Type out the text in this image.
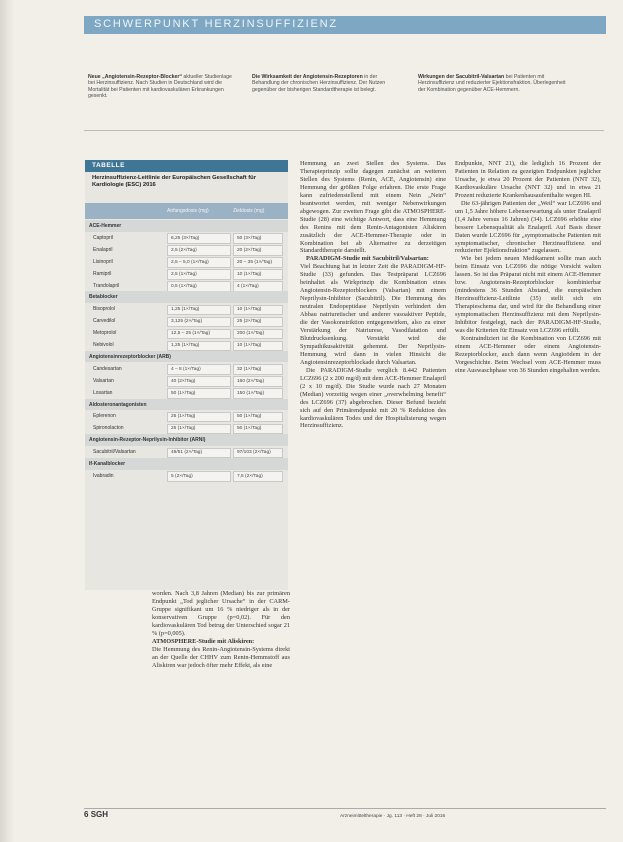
SCHWERPUNKT HERZINSUFFIZIENZ
Neue „Angiotensin-Rezeptor-Blocker“ aktueller Studienlage bei Herzinsuffizienz. Nach Studien in Deutschland wird die Mortalität bei Patienten mit kardiovaskulären Erkrankungen gesenkt.
Die Wirksamkeit der Angiotensin-Rezeptoren in der Behandlung der chronischen Herzinsuffizienz. Der Nutzen gegenüber der bisherigen Standardtherapie ist belegt.
Wirkungen der Sacubitril-Valsartan bei Patienten mit Herzinsuffizienz und reduzierter Ejektionsfraktion. Überlegenheit der Kombination gegenüber ACE-Hemmern.
TABELLE
Herzinsuffizienz-Leitlinie der Europäischen Gesellschaft für Kardiologie (ESC) 2016
Anfangsdosis (mg)	Zieldosis (mg)
ACE-Hemmer
Captopril	6,25 (3×/Tag)	50 (3×/Tag)
Enalapril	2,5 (2×/Tag)	20 (2×/Tag)
Lisinopril	2,5 – 5,0 (1×/Tag)	20 – 35 (1×/Tag)
Ramipril	2,5 (1×/Tag)	10 (1×/Tag)
Trandolapril	0,5 (1×/Tag)	4 (1×/Tag)
Betablocker
Bisoprolol	1,25 (1×/Tag)	10 (1×/Tag)
Carvedilol	3,125 (2×/Tag)	25 (2×/Tag)
Metoprolol	12,5 – 25 (1×/Tag)	200 (1×/Tag)
Nebivolol	1,25 (1×/Tag)	10 (1×/Tag)
Angiotensinrezeptorblocker (ARB)
Candesartan	4 – 8 (1×/Tag)	32 (1×/Tag)
Valsartan	40 (2×/Tag)	160 (2×/Tag)
Losartan	50 (1×/Tag)	150 (1×/Tag)
Aldosteronantagonisten
Eplerenon	25 (1×/Tag)	50 (1×/Tag)
Spironolacton	25 (1×/Tag)	50 (1×/Tag)
Angiotensin-Rezeptor-Neprilysin-Inhibitor (ARNI)
Sacubitril/Valsartan	49/51 (2×/Tag)	97/103 (2×/Tag)
If-Kanalblocker
Ivabradin	5 (2×/Tag)	7,5 (2×/Tag)

worden. Nach 3,8 Jahren (Median) bis zur primären Endpunkt „Tod jeglicher Ursache“ in der CARM-Gruppe signifikant um 16 % niedriger als in der konservativen Gruppe (p=0,02). Für den kardiovaskulären Tod betrug der Unterschied sogar 21 % (p=0,005).

ATMOSPHERE-Studie mit Aliskiren:

Die Hemmung des Renin-Angiotensin-Systems direkt an der Quelle der CHHV zum Renin-Hemmstoff aus Aliskiren war jedoch öfter mehr Effekt, als eine

Hemmung an zwei Stellen des Systems. Das Therapieprinzip sollte dagegen zunächst an weiteren Stellen des Systems (Renin, ACE, Angiotensin) eine Hemmung der größten Folge erfahren. Die erste Frage kann zufriedenstellend mit einem Nein „Nein“ beantwortet werden, mit weniger Nebenwirkungen abgewogen. Zur zweiten Frage gibt die ATMOSPHERE-Studie (28) eine wichtige Antwort, dass eine Hemmung des Renins mit dem Renin-Antagonisten Aliskiren zusätzlich der ACE-Hemmer-Therapie oder in Kombination bei ab Alternative zu derzeitigen Standardtherapie darstellt.

PARADIGM-Studie mit Sacubitril/Valsartan:

Viel Beachtung hat in letzter Zeit die PARADIGM-HF-Studie (33) gefunden. Das Testpräparat LCZ696 beinhaltet als Wirkprinzip die Kombination eines Angiotensin-Rezeptorblockers (Valsartan) mit einem Neprilysin-Inhibitor (Sacubitril). Die Hemmung des neutralen Endopeptidase Neprilysin verhindert den Abbau natriuretischer und anderer vasoaktiver Peptide, die der Vasokonstriktion entgegenwirken, also zu einer Verstärkung der Natriurese, Vasodilatation und Blutdrucksenkung. Verstärkt wird die Sympathikusaktivität gehemmt. Der Neprilysin-Hemmung wird dann in vielen Hinsicht die Angiotensinrezeptorblockade durch Valsartan.

Die PARADIGM-Studie verglich 8.442 Patienten LCZ696 (2 x 200 mg/d) mit dem ACE-Hemmer Enalapril (2 x 10 mg/d). Die Studie wurde nach 27 Monaten (Median) vorzeitig wegen einer „overwhelming benefit“ des LCZ696 (37) abgebrochen. Dieser Befund bezieht sich auf den Primärendpunkt mit 20 % Reduktion des kardiovaskulären Todes und der Hospitalisierung wegen Herzinsuffizienz.

Endpunkte, NNT 21), die lediglich 16 Prozent der Patienten in Relation zu gezeigten Endpunkten jeglicher Ursache, je etwa 20 Prozent der Patienten (NNT 32), Kardiovaskuläre Ursache (NNT 32) und in etwa 21 Prozent reduzierte Krankenhausaufenthalte wegen HI.

Die 63-jährigen Patienten der „Weil“ war LCZ696 und um 1,5 Jahre höhere Lebenserwartung als unter Enalapril (1,4 Jahre versus 16 Jahren) (34). LCZ696 erhöhte eine bessere Lebensqualität als Enalapril. Auf Basis dieser Daten wurde LCZ696 für „symptomatische Patienten mit symptomatischer, chronischer Herzinsuffizienz und reduzierter Ejektionsfraktion“ zugelassen.

Wie bei jedem neuen Medikament sollte man auch beim Einsatz von LCZ696 die nötige Vorsicht walten lassen. So ist das Präparat nicht mit einem ACE-Hemmer bzw. Angiotensin-Rezeptorblocker kombinierbar (mindestens 36 Stunden Abstand, die europäischen Herzinsuffizienz-Leitlinie (35) stellt sich ein Therapieschema dar, und wird für die Behandlung einer symptomatischen Herzinsuffizienz mit dem Neprilysin-Inhibitor festgelegt, nach der PARADIGM-HF-Studie, was die Kriterien für Einsatz von LCZ696 erfüllt.

Kontraindiziert ist die Kombination von LCZ696 mit einem ACE-Hemmer oder einem Angiotensin-Rezeptorblocker, auch dann wenn Angioödem in der Vorgeschichte. Beim Wechsel vom ACE-Hemmer muss eine Auswaschphase von 36 Stunden eingehalten werden.

6 SGH	Arzneimitteltherapie · Jg. 113 · Heft 28 · Juli 2016
